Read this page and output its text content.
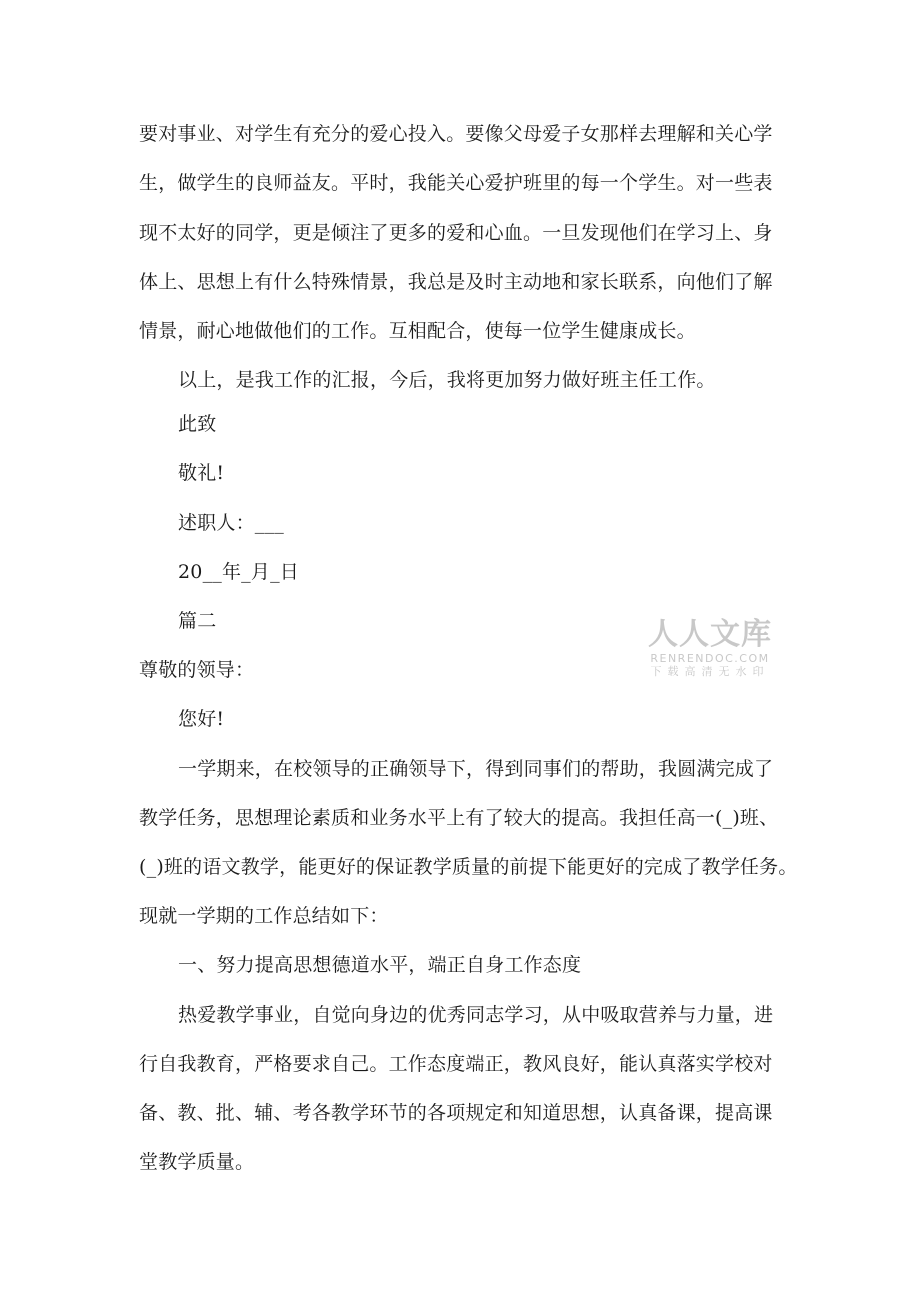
要对事业、对学生有充分的爱心投入。要像父母爱子女那样去理解和关心学
生，做学生的良师益友。平时，我能关心爱护班里的每一个学生。对一些表
现不太好的同学，更是倾注了更多的爱和心血。一旦发现他们在学习上、身
体上、思想上有什么特殊情景，我总是及时主动地和家长联系，向他们了解
情景，耐心地做他们的工作。互相配合，使每一位学生健康成长。
以上，是我工作的汇报，今后，我将更加努力做好班主任工作。
此致
敬礼!
述职人：___
20__年_月_日
篇二
尊敬的领导：
您好!
一学期来，在校领导的正确领导下，得到同事们的帮助，我圆满完成了
教学任务，思想理论素质和业务水平上有了较大的提高。我担任高一(_)班、
(_)班的语文教学，能更好的保证教学质量的前提下能更好的完成了教学任务。
现就一学期的工作总结如下：
一、努力提高思想德道水平，端正自身工作态度
热爱教学事业，自觉向身边的优秀同志学习，从中吸取营养与力量，进
行自我教育，严格要求自己。工作态度端正，教风良好，能认真落实学校对
备、教、批、辅、考各教学环节的各项规定和知道思想，认真备课，提高课
堂教学质量。
人人文库
RENRENDOC.COM
下载高清无水印
